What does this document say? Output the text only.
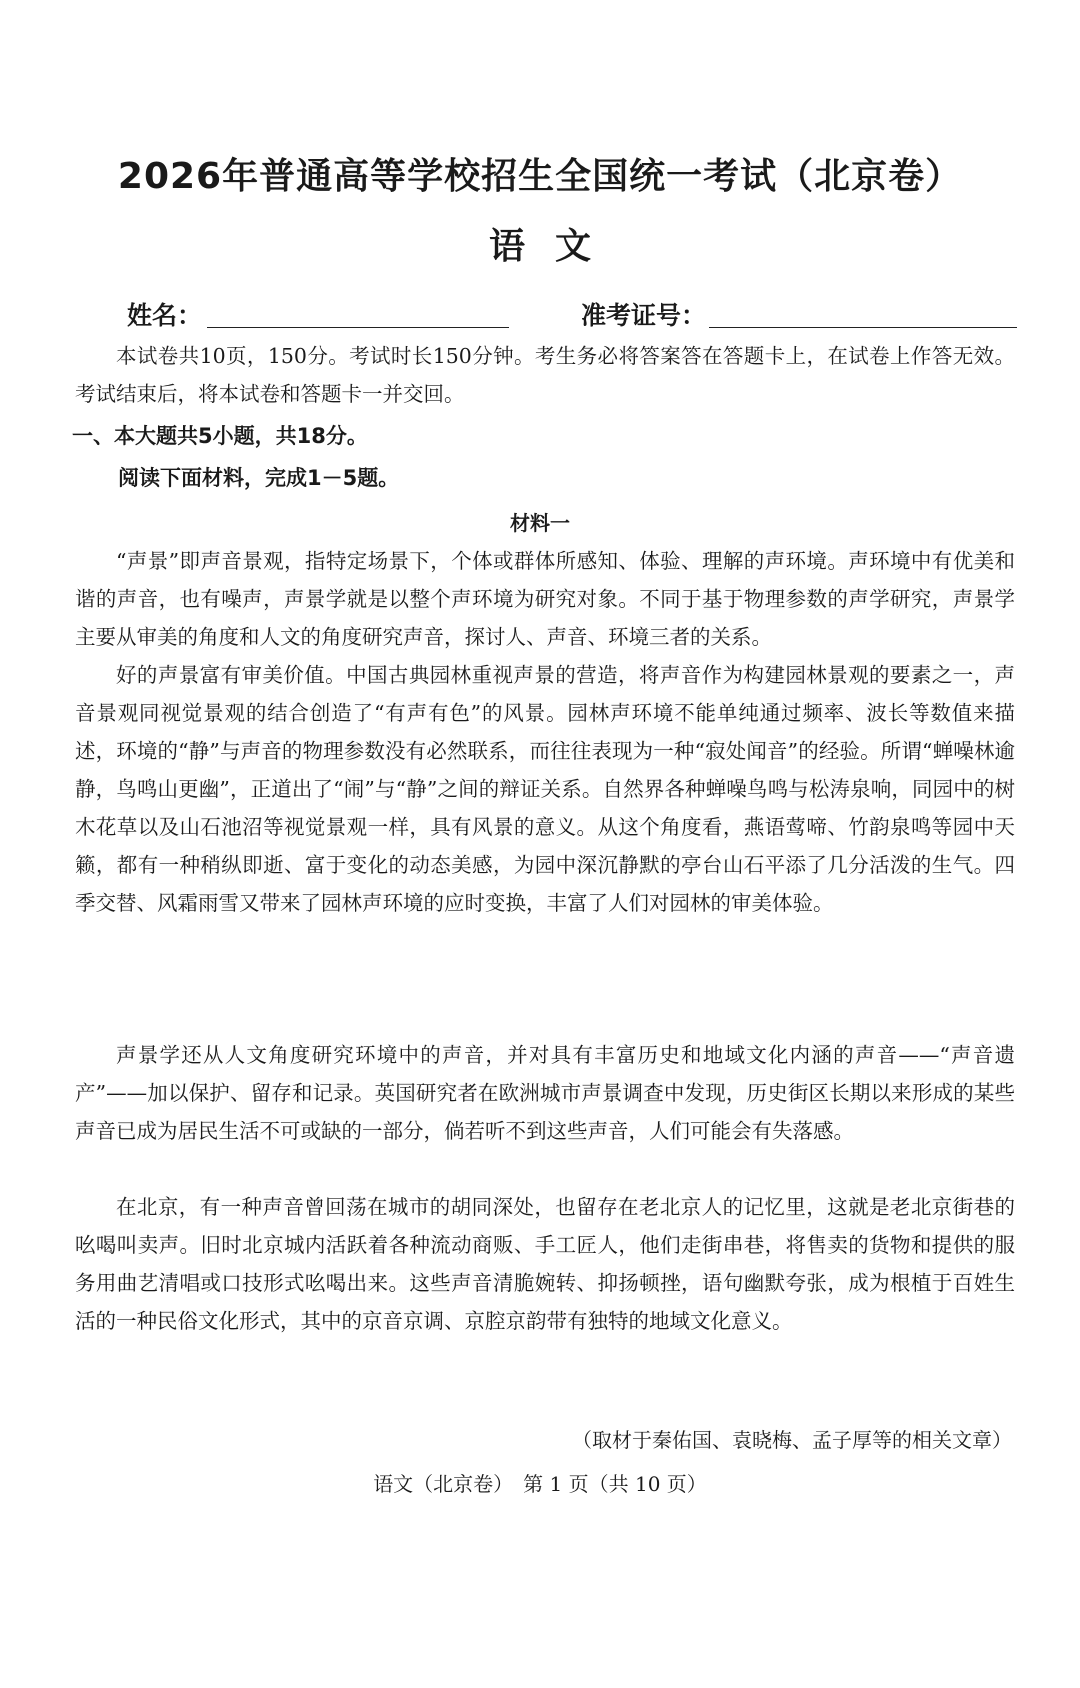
2026年普通高等学校招生全国统一考试（北京卷）
语文
姓名：	准考证号：

本试卷共10页，150分。考试时长150分钟。考生务必将答案答在答题卡上，在试卷上作答无效。考试结束后，将本试卷和答题卡一并交回。

一、本大题共5小题，共18分。
阅读下面材料，完成1－5题。
材料一

“声景”即声音景观，指特定场景下，个体或群体所感知、体验、理解的声环境。声环境中有优美和谐的声音，也有噪声，声景学就是以整个声环境为研究对象。不同于基于物理参数的声学研究，声景学主要从审美的角度和人文的角度研究声音，探讨人、声音、环境三者的关系。

好的声景富有审美价值。中国古典园林重视声景的营造，将声音作为构建园林景观的要素之一，声音景观同视觉景观的结合创造了“有声有色”的风景。园林声环境不能单纯通过频率、波长等数值来描述，环境的“静”与声音的物理参数没有必然联系，而往往表现为一种“寂处闻音”的经验。所谓“蝉噪林逾静，鸟鸣山更幽”，正道出了“闹”与“静”之间的辩证关系。自然界各种蝉噪鸟鸣与松涛泉响，同园中的树木花草以及山石池沼等视觉景观一样，具有风景的意义。从这个角度看，燕语莺啼、竹韵泉鸣等园中天籁，都有一种稍纵即逝、富于变化的动态美感，为园中深沉静默的亭台山石平添了几分活泼的生气。四季交替、风霜雨雪又带来了园林声环境的应时变换，丰富了人们对园林的审美体验。

声景学还从人文角度研究环境中的声音，并对具有丰富历史和地域文化内涵的声音——“声音遗产”——加以保护、留存和记录。英国研究者在欧洲城市声景调查中发现，历史街区长期以来形成的某些声音已成为居民生活不可或缺的一部分，倘若听不到这些声音，人们可能会有失落感。

在北京，有一种声音曾回荡在城市的胡同深处，也留存在老北京人的记忆里，这就是老北京街巷的吆喝叫卖声。旧时北京城内活跃着各种流动商贩、手工匠人，他们走街串巷，将售卖的货物和提供的服务用曲艺清唱或口技形式吆喝出来。这些声音清脆婉转、抑扬顿挫，语句幽默夸张，成为根植于百姓生活的一种民俗文化形式，其中的京音京调、京腔京韵带有独特的地域文化意义。

（取材于秦佑国、袁晓梅、孟子厚等的相关文章）
语文（北京卷）　第 1 页（共 10 页）
